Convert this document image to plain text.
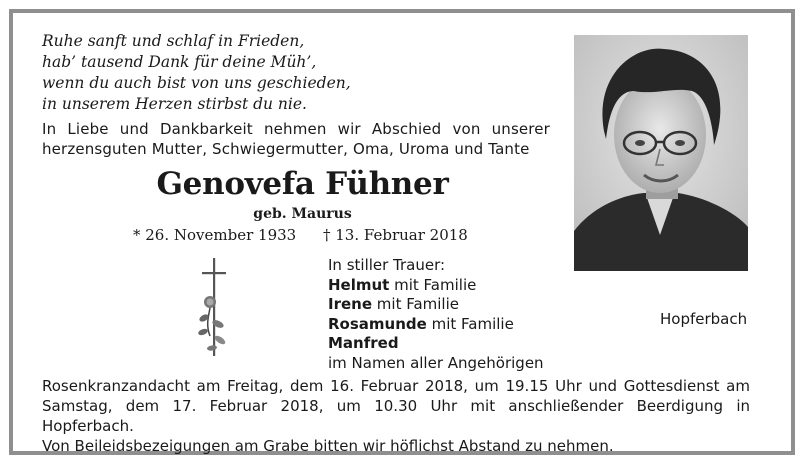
Ruhe sanft und schlaf in Frieden,
hab’ tausend Dank für deine Müh’,
wenn du auch bist von uns geschieden,
in unserem Herzen stirbst du nie.
In Liebe und Dankbarkeit nehmen wir Abschied von unserer herzensguten Mutter, Schwiegermutter, Oma, Uroma und Tante
Genovefa Fühner
geb. Maurus
* 26. November 1933 † 13. Februar 2018
In stiller Trauer:
Helmut mit Familie
Irene mit Familie
Rosamunde mit Familie
Manfred
im Namen aller Angehörigen
Hopferbach

Rosenkranzandacht am Freitag, dem 16. Februar 2018, um 19.15 Uhr und Gottesdienst am Samstag, dem 17. Februar 2018, um 10.30 Uhr mit anschließender Beerdigung in Hopferbach.

Von Beileidsbezeigungen am Grabe bitten wir höflichst Abstand zu nehmen.
